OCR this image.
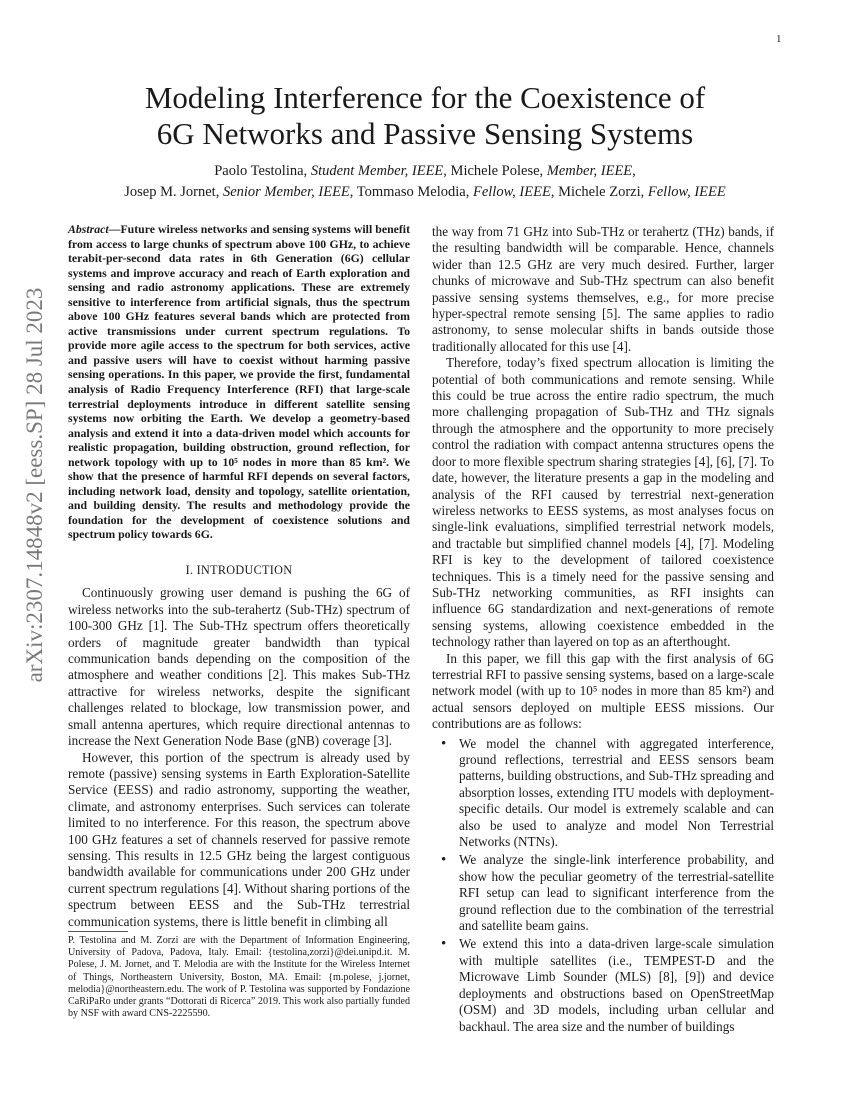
1
arXiv:2307.14848v2 [eess.SP] 28 Jul 2023
Modeling Interference for the Coexistence of
6G Networks and Passive Sensing Systems
Paolo Testolina, Student Member, IEEE, Michele Polese, Member, IEEE,
Josep M. Jornet, Senior Member, IEEE, Tommaso Melodia, Fellow, IEEE, Michele Zorzi, Fellow, IEEE

Abstract—Future wireless networks and sensing systems will benefit from access to large chunks of spectrum above 100 GHz, to achieve terabit-per-second data rates in 6th Generation (6G) cellular systems and improve accuracy and reach of Earth exploration and sensing and radio astronomy applications. These are extremely sensitive to interference from artificial signals, thus the spectrum above 100 GHz features several bands which are protected from active transmissions under current spectrum regulations. To provide more agile access to the spectrum for both services, active and passive users will have to coexist without harming passive sensing operations. In this paper, we provide the first, fundamental analysis of Radio Frequency Interference (RFI) that large-scale terrestrial deployments introduce in different satellite sensing systems now orbiting the Earth. We develop a geometry-based analysis and extend it into a data-driven model which accounts for realistic propagation, building obstruction, ground reflection, for network topology with up to 10⁵ nodes in more than 85 km². We show that the presence of harmful RFI depends on several factors, including network load, density and topology, satellite orientation, and building density. The results and methodology provide the foundation for the development of coexistence solutions and spectrum policy towards 6G.

I. INTRODUCTION

Continuously growing user demand is pushing the 6G of wireless networks into the sub-terahertz (Sub-THz) spectrum of 100-300 GHz [1]. The Sub-THz spectrum offers theoretically orders of magnitude greater bandwidth than typical communication bands depending on the composition of the atmosphere and weather conditions [2]. This makes Sub-THz attractive for wireless networks, despite the significant challenges related to blockage, low transmission power, and small antenna apertures, which require directional antennas to increase the Next Generation Node Base (gNB) coverage [3].

However, this portion of the spectrum is already used by remote (passive) sensing systems in Earth Exploration-Satellite Service (EESS) and radio astronomy, supporting the weather, climate, and astronomy enterprises. Such services can tolerate limited to no interference. For this reason, the spectrum above 100 GHz features a set of channels reserved for passive remote sensing. This results in 12.5 GHz being the largest contiguous bandwidth available for communications under 200 GHz under current spectrum regulations [4]. Without sharing portions of the spectrum between EESS and the Sub-THz terrestrial communication systems, there is little benefit in climbing all

P. Testolina and M. Zorzi are with the Department of Information Engineering, University of Padova, Padova, Italy. Email: {testolina,zorzi}@dei.unipd.it. M. Polese, J. M. Jornet, and T. Melodia are with the Institute for the Wireless Internet of Things, Northeastern University, Boston, MA. Email: {m.polese, j.jornet, melodia}@northeastern.edu. The work of P. Testolina was supported by Fondazione CaRiPaRo under grants “Dottorati di Ricerca” 2019. This work also partially funded by NSF with award CNS-2225590.

the way from 71 GHz into Sub-THz or terahertz (THz) bands, if the resulting bandwidth will be comparable. Hence, channels wider than 12.5 GHz are very much desired. Further, larger chunks of microwave and Sub-THz spectrum can also benefit passive sensing systems themselves, e.g., for more precise hyper-spectral remote sensing [5]. The same applies to radio astronomy, to sense molecular shifts in bands outside those traditionally allocated for this use [4].

Therefore, today’s fixed spectrum allocation is limiting the potential of both communications and remote sensing. While this could be true across the entire radio spectrum, the much more challenging propagation of Sub-THz and THz signals through the atmosphere and the opportunity to more precisely control the radiation with compact antenna structures opens the door to more flexible spectrum sharing strategies [4], [6], [7]. To date, however, the literature presents a gap in the modeling and analysis of the RFI caused by terrestrial next-generation wireless networks to EESS systems, as most analyses focus on single-link evaluations, simplified terrestrial network models, and tractable but simplified channel models [4], [7]. Modeling RFI is key to the development of tailored coexistence techniques. This is a timely need for the passive sensing and Sub-THz networking communities, as RFI insights can influence 6G standardization and next-generations of remote sensing systems, allowing coexistence embedded in the technology rather than layered on top as an afterthought.

In this paper, we fill this gap with the first analysis of 6G terrestrial RFI to passive sensing systems, based on a large-scale network model (with up to 10⁵ nodes in more than 85 km²) and actual sensors deployed on multiple EESS missions. Our contributions are as follows:

• We model the channel with aggregated interference, ground reflections, terrestrial and EESS sensors beam patterns, building obstructions, and Sub-THz spreading and absorption losses, extending ITU models with deployment-specific details. Our model is extremely scalable and can also be used to analyze and model Non Terrestrial Networks (NTNs).
• We analyze the single-link interference probability, and show how the peculiar geometry of the terrestrial-satellite RFI setup can lead to significant interference from the ground reflection due to the combination of the terrestrial and satellite beam gains.
• We extend this into a data-driven large-scale simulation with multiple satellites (i.e., TEMPEST-D and the Microwave Limb Sounder (MLS) [8], [9]) and device deployments and obstructions based on OpenStreetMap (OSM) and 3D models, including urban cellular and backhaul. The area size and the number of buildings
